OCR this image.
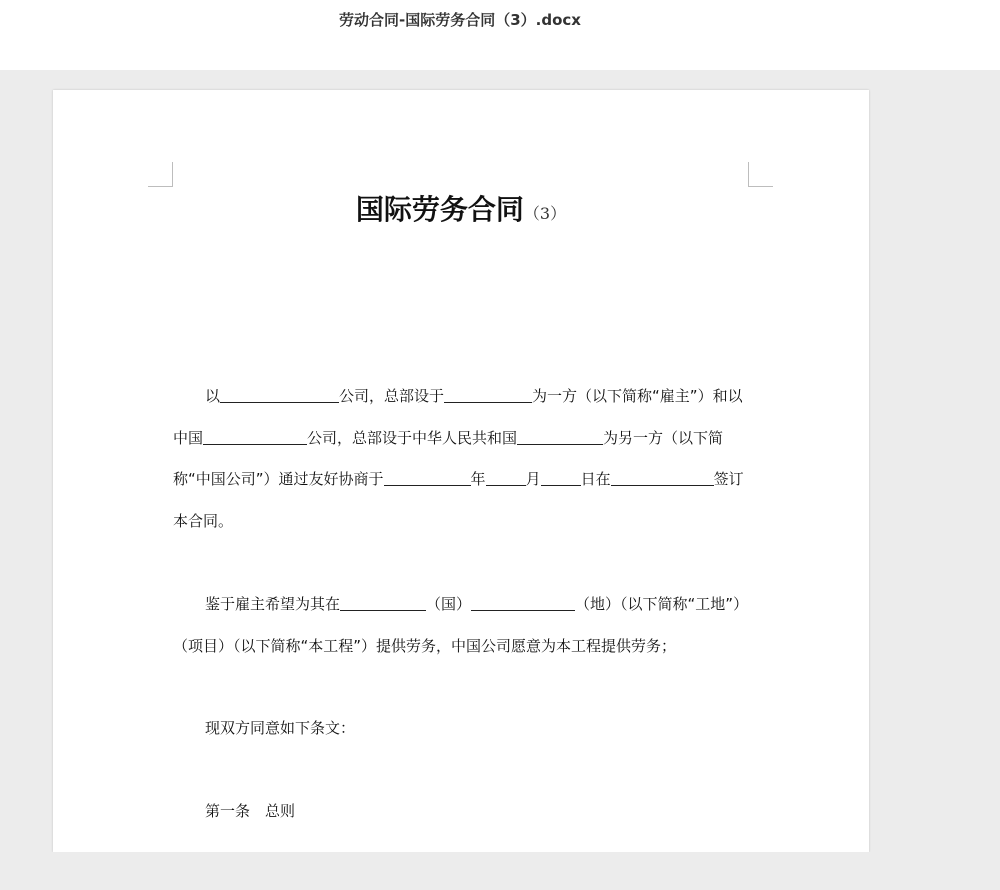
劳动合同-国际劳务合同（3）.docx
国际劳务合同（3）

以	公司，总部设于	为一方（以下简称“雇主”）和以中国	公司，总部设于中华人民共和国	为另一方（以下简称“中国公司”）通过友好协商于	年	月	日在	签订本合同。

鉴于雇主希望为其在	（国）	（地）（以下简称“工地”）（项目）（以下简称“本工程”）提供劳务，中国公司愿意为本工程提供劳务；

现双方同意如下条文：

第一条　总则
